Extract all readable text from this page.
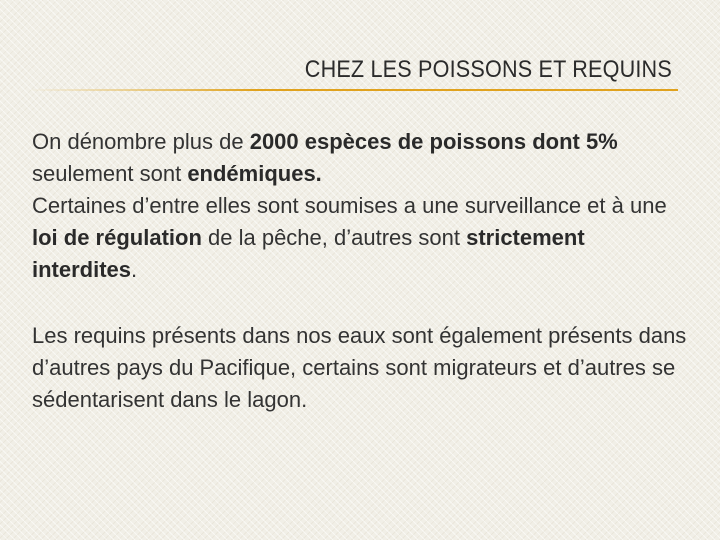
CHEZ LES POISSONS ET REQUINS

On dénombre plus de 2000 espèces de poissons dont 5% seulement sont endémiques.

Certaines d’entre elles sont soumises a une surveillance et à une loi de régulation de la pêche, d’autres sont strictement interdites.

Les requins présents dans nos eaux sont également présents dans d’autres pays du Pacifique, certains sont migrateurs et d’autres se sédentarisent dans le lagon.
